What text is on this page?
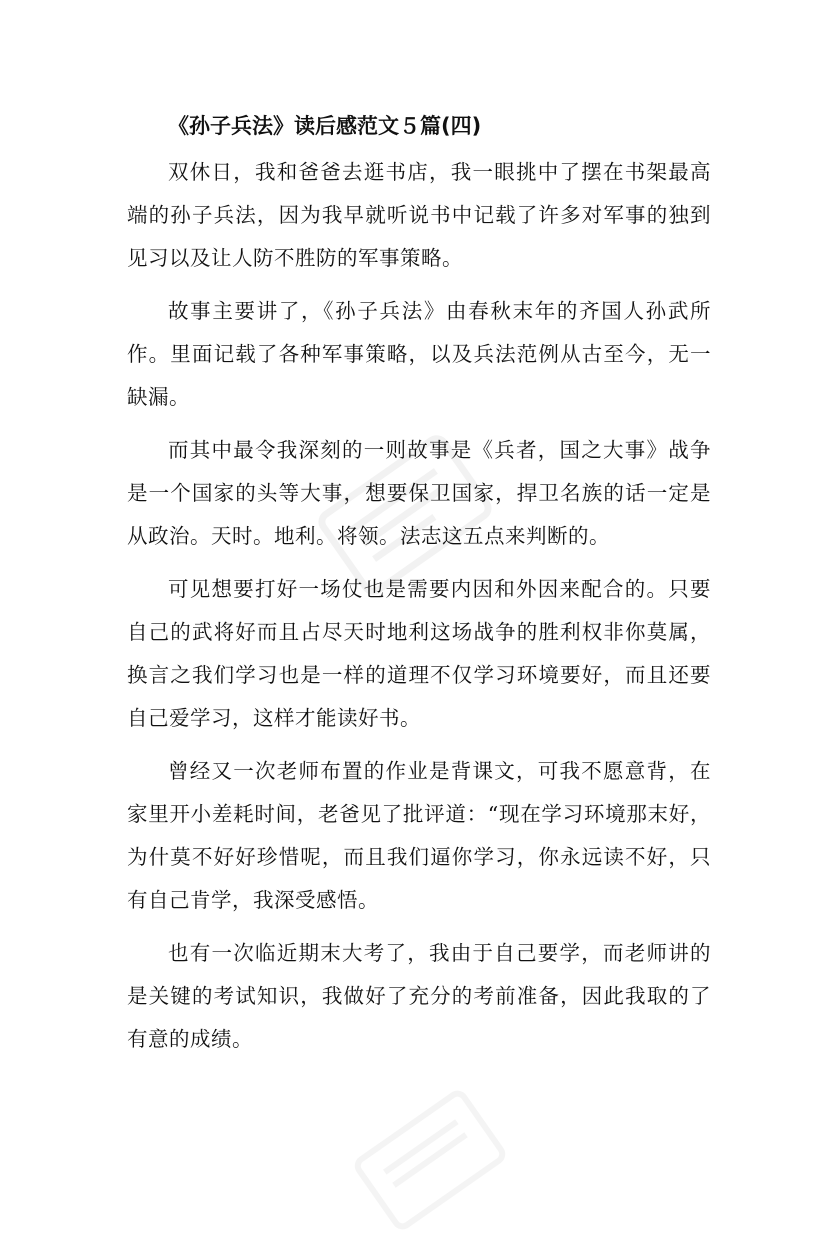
《孙子兵法》读后感范文５篇(四)

双休日，我和爸爸去逛书店，我一眼挑中了摆在书架最高端的孙子兵法，因为我早就听说书中记载了许多对军事的独到见习以及让人防不胜防的军事策略。

故事主要讲了，《孙子兵法》由春秋末年的齐国人孙武所作。里面记载了各种军事策略，以及兵法范例从古至今，无一缺漏。

而其中最令我深刻的一则故事是《兵者，国之大事》战争是一个国家的头等大事，想要保卫国家，捍卫名族的话一定是从政治。天时。地利。将领。法志这五点来判断的。

可见想要打好一场仗也是需要内因和外因来配合的。只要自己的武将好而且占尽天时地利这场战争的胜利权非你莫属，换言之我们学习也是一样的道理不仅学习环境要好，而且还要自己爱学习，这样才能读好书。

曾经又一次老师布置的作业是背课文，可我不愿意背，在家里开小差耗时间，老爸见了批评道：“现在学习环境那末好，为什莫不好好珍惜呢，而且我们逼你学习，你永远读不好，只有自己肯学，我深受感悟。

也有一次临近期末大考了，我由于自己要学，而老师讲的是关键的考试知识，我做好了充分的考前准备，因此我取的了有意的成绩。
